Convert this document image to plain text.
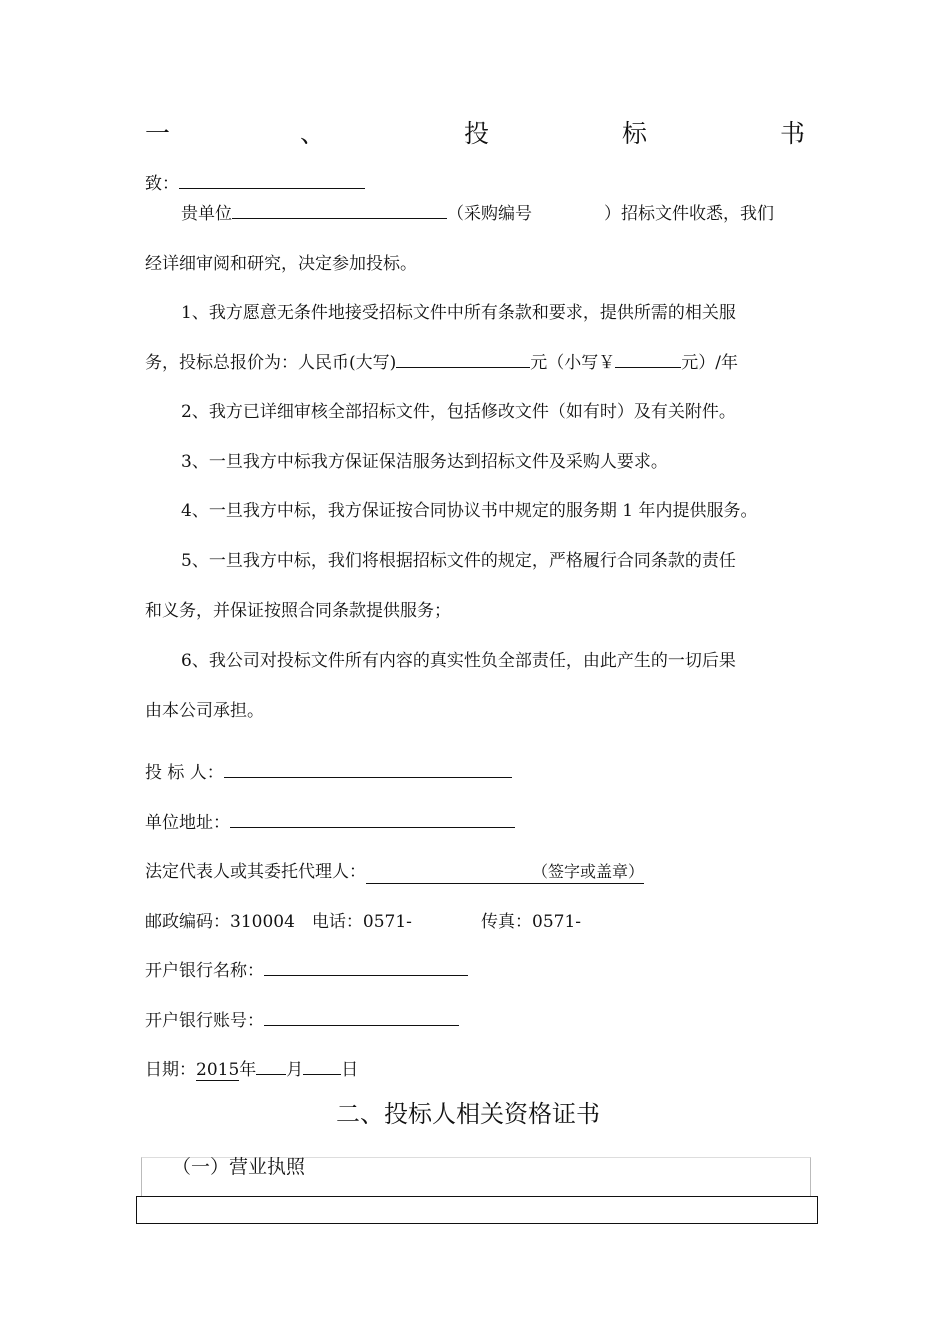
一	、	投	标	书
致：
贵单位	（采购编号	）招标文件收悉，我们
经详细审阅和研究，决定参加投标。
1、我方愿意无条件地接受招标文件中所有条款和要求，提供所需的相关服
务，投标总报价为：人民币(大写)	元（小写￥	元）/年
2、我方已详细审核全部招标文件，包括修改文件（如有时）及有关附件。
3、一旦我方中标我方保证保洁服务达到招标文件及采购人要求。
4、一旦我方中标，我方保证按合同协议书中规定的服务期 1 年内提供服务。
5、一旦我方中标，我们将根据招标文件的规定，严格履行合同条款的责任
和义务，并保证按照合同条款提供服务；
6、我公司对投标文件所有内容的真实性负全部责任，由此产生的一切后果
由本公司承担。
投 标 人：
单位地址：
法定代表人或其委托代理人：	（签字或盖章）
邮政编码：310004　电话：0571-	传真：0571-
开户银行名称：
开户银行账号：
日期：2015年 月 日
二、投标人相关资格证书
（一）营业执照
